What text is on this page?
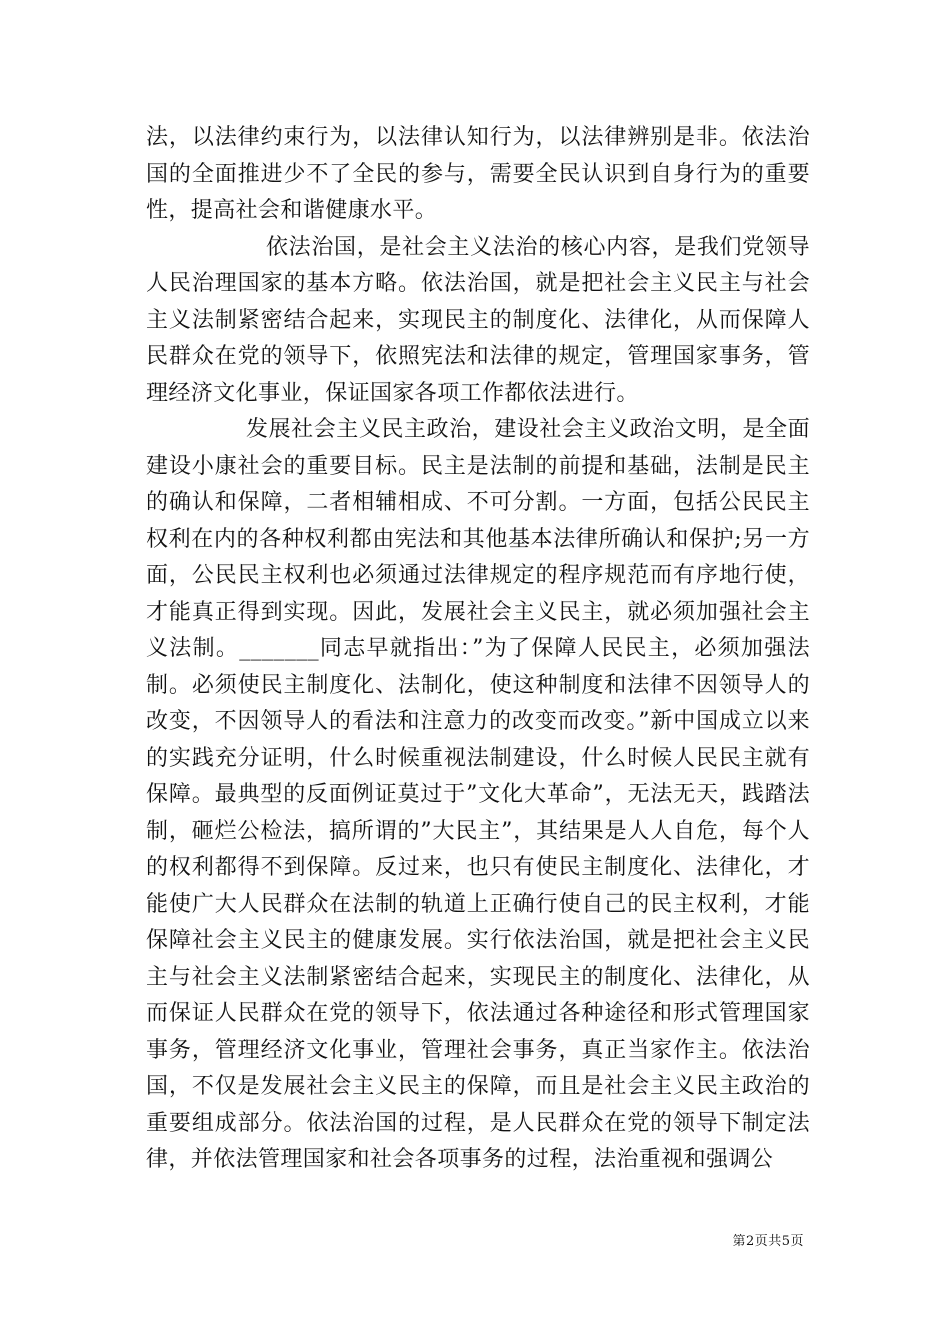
法，以法律约束行为，以法律认知行为，以法律辨别是非。依法治国的全面推进少不了全民的参与，需要全民认识到自身行为的重要性，提高社会和谐健康水平。

依法治国，是社会主义法治的核心内容，是我们党领导人民治理国家的基本方略。依法治国，就是把社会主义民主与社会主义法制紧密结合起来，实现民主的制度化、法律化，从而保障人民群众在党的领导下，依照宪法和法律的规定，管理国家事务，管理经济文化事业，保证国家各项工作都依法进行。

发展社会主义民主政治，建设社会主义政治文明，是全面建设小康社会的重要目标。民主是法制的前提和基础，法制是民主的确认和保障，二者相辅相成、不可分割。一方面，包括公民民主权利在内的各种权利都由宪法和其他基本法律所确认和保护;另一方面，公民民主权利也必须通过法律规定的程序规范而有序地行使，才能真正得到实现。因此，发展社会主义民主，就必须加强社会主义法制。_______同志早就指出：”为了保障人民民主，必须加强法制。必须使民主制度化、法制化，使这种制度和法律不因领导人的改变，不因领导人的看法和注意力的改变而改变。”新中国成立以来的实践充分证明，什么时候重视法制建设，什么时候人民民主就有保障。最典型的反面例证莫过于”文化大革命”，无法无天，践踏法制，砸烂公检法，搞所谓的”大民主”，其结果是人人自危，每个人的权利都得不到保障。反过来，也只有使民主制度化、法律化，才能使广大人民群众在法制的轨道上正确行使自己的民主权利，才能保障社会主义民主的健康发展。实行依法治国，就是把社会主义民主与社会主义法制紧密结合起来，实现民主的制度化、法律化，从而保证人民群众在党的领导下，依法通过各种途径和形式管理国家事务，管理经济文化事业，管理社会事务，真正当家作主。依法治国，不仅是发展社会主义民主的保障，而且是社会主义民主政治的重要组成部分。依法治国的过程，是人民群众在党的领导下制定法律，并依法管理国家和社会各项事务的过程，法治重视和强调公

第2页共5页
